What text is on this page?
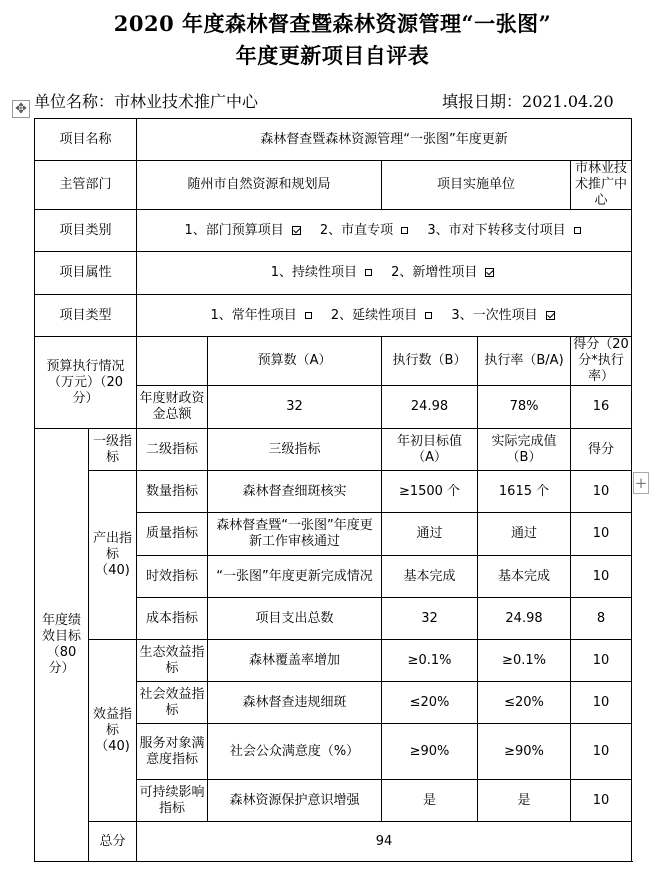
2020 年度森林督查暨森林资源管理“一张图”
年度更新项目自评表
单位名称：市林业技术推广中心	填报日期：2021.04.20
✥
+
项目名称		森林督查暨森林资源管理“一张图”年度更新				
主管部门		随州市自然资源和规划局		项目实施单位		市林业技术推广中心
项目类别		1、部门预算项目 2、市直专项 3、市对下转移支付项目				
项目属性		1、持续性项目 2、新增性项目				
项目类型		1、常年性项目 2、延续性项目 3、一次性项目				
预算执行情况（万元）（20 分）			预算数（A）	执行数（B）	执行率（B/A)	得分（20 分*执行率）
		年度财政资金总额	32	24.98	78%	16
年度绩效目标（80 分）	一级指标	二级指标	三级指标	年初目标值（A）	实际完成值（B）	得分
	产出指标（40)	数量指标	森林督查细斑核实	≥1500 个	1615 个	10
		质量指标	森林督查暨“一张图”年度更新工作审核通过	通过	通过	10
		时效指标	“一张图”年度更新完成情况	基本完成	基本完成	10
		成本指标	项目支出总数	32	24.98	8
	效益指标（40)	生态效益指标	森林覆盖率增加	≥0.1%	≥0.1%	10
		社会效益指标	森林督查违规细斑	≤20%	≤20%	10
		服务对象满意度指标	社会公众满意度（%）	≥90%	≥90%	10
		可持续影响指标	森林资源保护意识增强	是	是	10
	总分	94				
